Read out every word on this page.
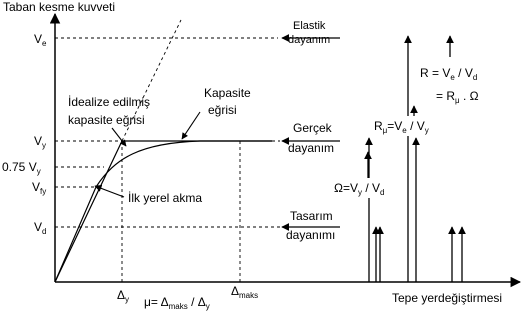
Taban kesme kuvveti
Tepe yerdeğiştirmesi
$V_e$
$V_y$
0.75 $V_y$
$V_{fy}$
$V_d$
$\Delta_y$
$\Delta_{maks}$
Elastik
dayanım
Gerçek
dayanım
Tasarım
dayanımı
Kapasite
eğrisi
İdealize edilmiş
kapasite eğrisi
İlk yerel akma
$\mu= \Delta_{maks} / \Delta_y$
$R = V_e / V_d$
= $R_\mu$ . Ω
$R_\mu=V_e / V_y$
$\Omega=V_y / V_d$
